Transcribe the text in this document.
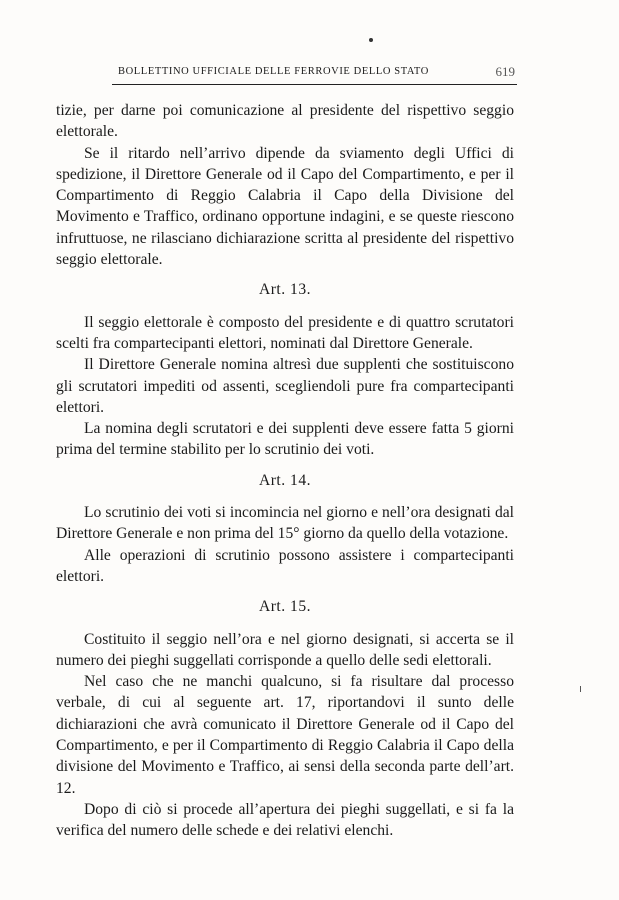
BOLLETTINO UFFICIALE DELLE FERROVIE DELLO STATO	619

tizie, per darne poi comunicazione al presidente del rispettivo seggio elettorale.

Se il ritardo nell’arrivo dipende da sviamento degli Uffici di spedizione, il Direttore Generale od il Capo del Compartimento, e per il Compartimento di Reggio Calabria il Capo della Divisione del Movimento e Traffico, ordinano opportune indagini, e se queste riescono infruttuose, ne rilasciano dichiarazione scritta al presidente del rispettivo seggio elettorale.

Art. 13.

Il seggio elettorale è composto del presidente e di quattro scrutatori scelti fra compartecipanti elettori, nominati dal Direttore Generale.

Il Direttore Generale nomina altresì due supplenti che sostituiscono gli scrutatori impediti od assenti, scegliendoli pure fra compartecipanti elettori.

La nomina degli scrutatori e dei supplenti deve essere fatta 5 giorni prima del termine stabilito per lo scrutinio dei voti.

Art. 14.

Lo scrutinio dei voti si incomincia nel giorno e nell’ora designati dal Direttore Generale e non prima del 15° giorno da quello della votazione.

Alle operazioni di scrutinio possono assistere i compartecipanti elettori.

Art. 15.

Costituito il seggio nell’ora e nel giorno designati, si accerta se il numero dei pieghi suggellati corrisponde a quello delle sedi elettorali.

Nel caso che ne manchi qualcuno, si fa risultare dal processo verbale, di cui al seguente art. 17, riportandovi il sunto delle dichiarazioni che avrà comunicato il Direttore Generale od il Capo del Compartimento, e per il Compartimento di Reggio Calabria il Capo della divisione del Movimento e Traffico, ai sensi della seconda parte dell’art. 12.

Dopo di ciò si procede all’apertura dei pieghi suggellati, e si fa la verifica del numero delle schede e dei relativi elenchi.
